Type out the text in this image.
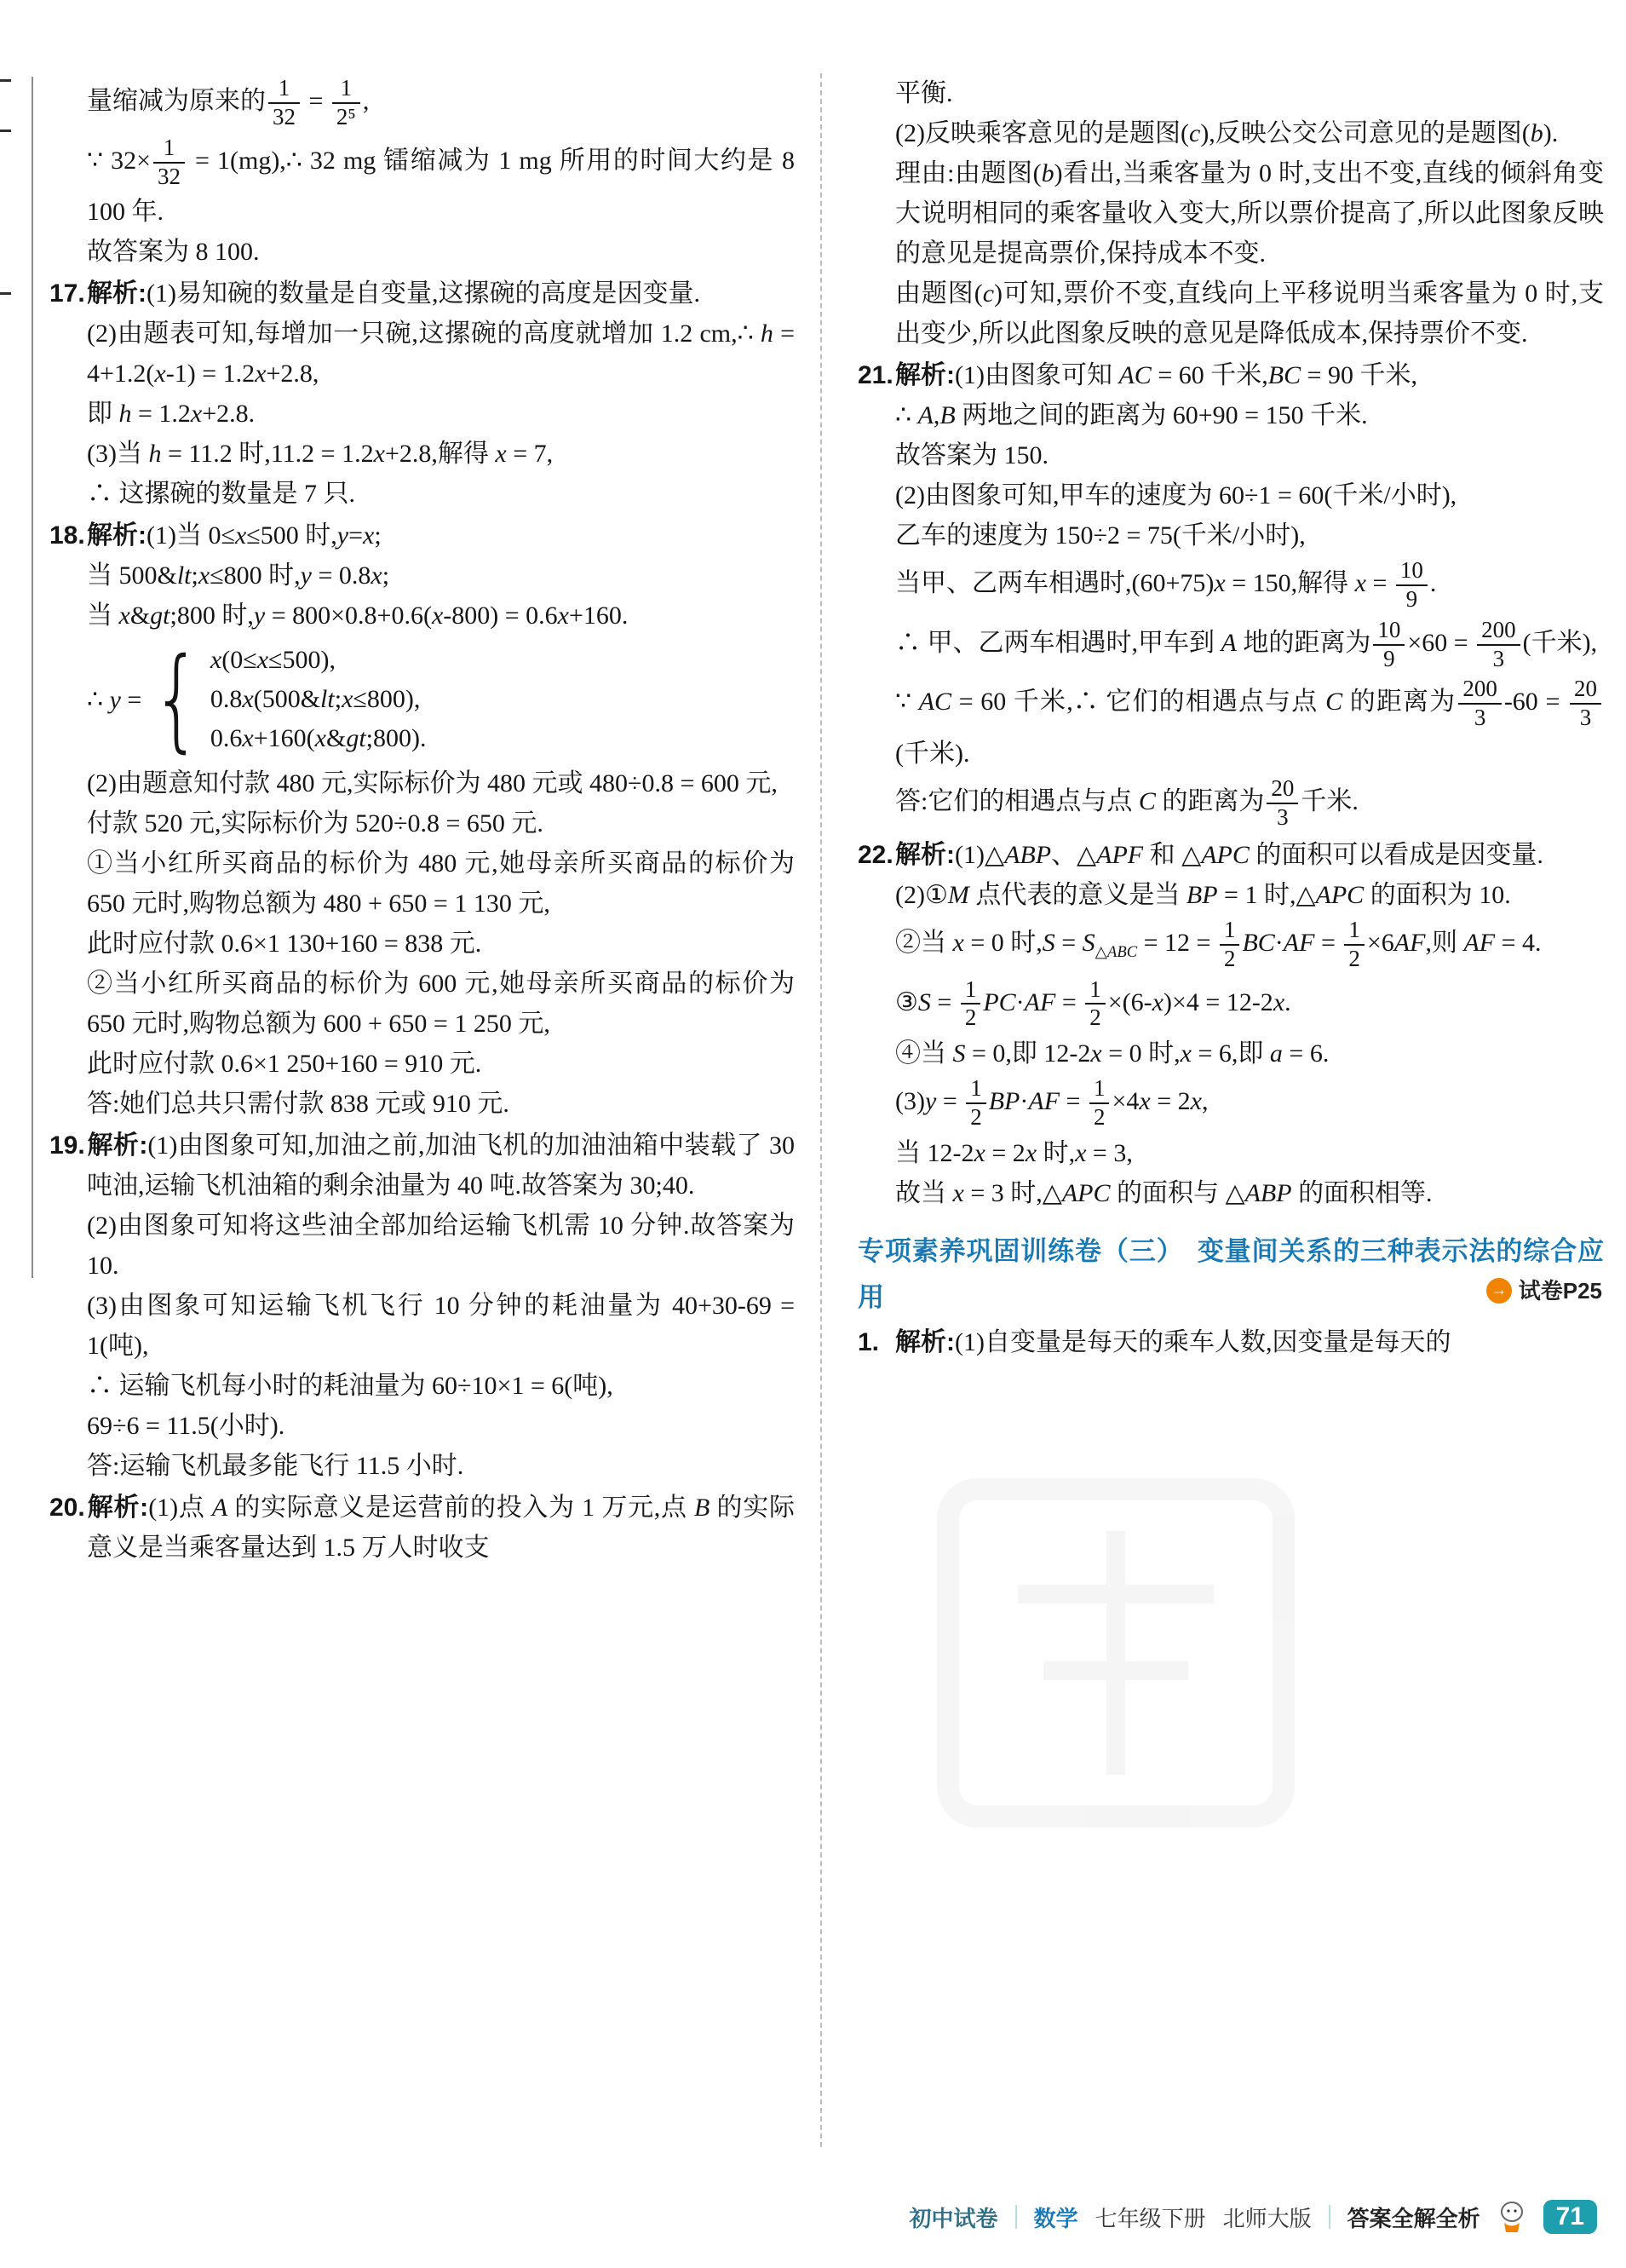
量缩减为原来的 $\frac{1}{32} = \frac{1}{\text{2⁵}}$ ,
∵ $32\times \frac{1}{32}$ = 1(mg),∴ 32 mg 镭缩减为 1 mg 所用的时间大约是 8 100 年.
故答案为 8 100.
17.解析:(1)易知碗的数量是自变量,这摞碗的高度是因变量.
(2)由题表可知,每增加一只碗,这摞碗的高度就增加 1.2 cm,∴ h = 4+1.2(x-1) = 1.2x+2.8,
即 h = 1.2x+2.8.
(3)当 h = 11.2 时,11.2 = 1.2x+2.8,解得 x = 7,
∴ 这摞碗的数量是 7 只.
18.解析:(1)当 0≤x≤500 时,y=x;
当 500&lt;x≤800 时,y = 0.8x;
当 x&gt;800 时,y = 800×0.8+0.6(x-800) = 0.6x+160.
∴ y = { x(0≤x≤500),
0.8x(500&lt;x≤800),
0.6x+160(x&gt;800).
(2)由题意知付款 480 元,实际标价为 480 元或 480÷0.8 = 600 元,
付款 520 元,实际标价为 520÷0.8 = 650 元.
①当小红所买商品的标价为 480 元,她母亲所买商品的标价为 650 元时,购物总额为 480 + 650 = 1 130 元,
此时应付款 0.6×1 130+160 = 838 元.
②当小红所买商品的标价为 600 元,她母亲所买商品的标价为 650 元时,购物总额为 600 + 650 = 1 250 元,
此时应付款 0.6×1 250+160 = 910 元.
答:她们总共只需付款 838 元或 910 元.
19.解析:(1)由图象可知,加油之前,加油飞机的加油油箱中装载了 30 吨油,运输飞机油箱的剩余油量为 40 吨.故答案为 30;40.
(2)由图象可知将这些油全部加给运输飞机需 10 分钟.故答案为 10.
(3)由图象可知运输飞机飞行 10 分钟的耗油量为 40+30-69 = 1(吨),
∴ 运输飞机每小时的耗油量为 60÷10×1 = 6(吨),
69÷6 = 11.5(小时).
答:运输飞机最多能飞行 11.5 小时.
20.解析:(1)点 A 的实际意义是运营前的投入为 1 万元,点 B 的实际意义是当乘客量达到 1.5 万人时收支
平衡.
(2)反映乘客意见的是题图(c),反映公交公司意见的是题图(b).
理由:由题图(b)看出,当乘客量为 0 时,支出不变,直线的倾斜角变大说明相同的乘客量收入变大,所以票价提高了,所以此图象反映的意见是提高票价,保持成本不变.
由题图(c)可知,票价不变,直线向上平移说明当乘客量为 0 时,支出变少,所以此图象反映的意见是降低成本,保持票价不变.
21.解析:(1)由图象可知 AC = 60 千米,BC = 90 千米,
∴ A,B 两地之间的距离为 60+90 = 150 千米.
故答案为 150.
(2)由图象可知,甲车的速度为 60÷1 = 60(千米/小时),
乙车的速度为 150÷2 = 75(千米/小时),
当甲、乙两车相遇时,(60+75)x = 150,解得 $x = \frac{10}{9}$ .
∴ 甲、乙两车相遇时,甲车到 A 地的距离为 $\frac{10}{9} \times 60 = \frac{200}{3}$ (千米),
∵ AC = 60 千米,∴ 它们的相遇点与点 C 的距离为 $\frac{200}{3} -60 = \frac{20}{3}$
(千米).
答:它们的相遇点与点 C 的距离为 $\frac{20}{3}$ 千米.
22.解析:(1)△ABP、△APF 和 △APC 的面积可以看成是因变量.
(2)①M 点代表的意义是当 BP = 1 时,△APC 的面积为 10.
②当 x = 0 时$,S = S_{\triangle ABC} = 12 = \frac{1}{2} BC\cdot AF = \frac{1}{2} \times 6AF$,则 AF = 4.
③S = $\frac{1}{2} PC\cdot AF = \frac{1}{2} \times(6-x)\times 4 = 12-2x$.
④当 S = 0,即 12-2x = 0 时,x = 6,即 a = 6.
$(3)y = \frac{1}{2} BP\cdot AF = \frac{1}{2} \times 4x = 2x$,
当 12-2x = 2x 时,x = 3,
故当 x = 3 时,△APC 的面积与 △ABP 的面积相等.
专项素养巩固训练卷（三）　变量间关系的三种表示法的综合应用	→ 试卷P25
1. 解析:(1)自变量是每天的乘车人数,因变量是每天的
初中试卷 数学 七年级下册 北师大版 答案全解全析	71
